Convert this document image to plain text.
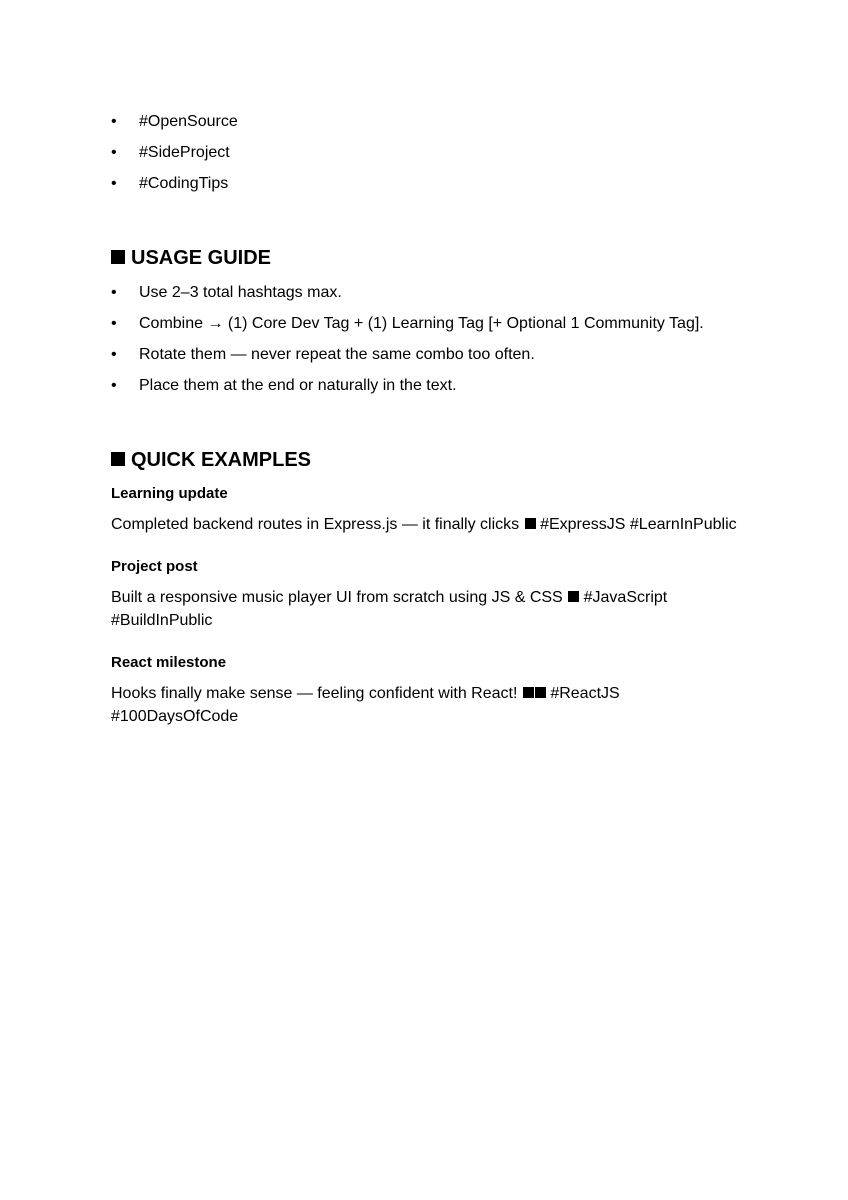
• #OpenSource
• #SideProject
• #CodingTips
USAGE GUIDE
• Use 2–3 total hashtags max.
• Combine → (1) Core Dev Tag + (1) Learning Tag [+ Optional 1 Community Tag].
• Rotate them — never repeat the same combo too often.
• Place them at the end or naturally in the text.
QUICK EXAMPLES
Learning update

Completed backend routes in Express.js — it finally clicks #ExpressJS #LearnInPublic

Project post

Built a responsive music player UI from scratch using JS & CSS #JavaScript #BuildInPublic

React milestone

Hooks finally make sense — feeling confident with React! #ReactJS #100DaysOfCode
